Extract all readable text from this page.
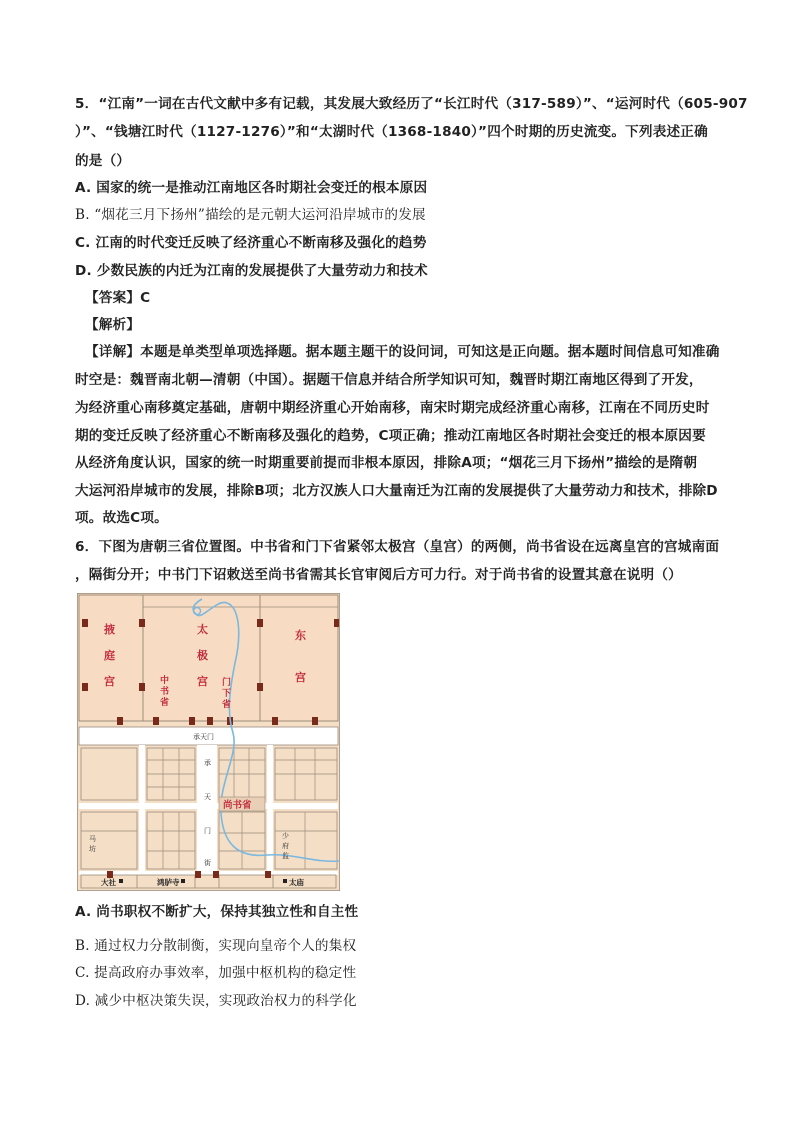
5．“江南”一词在古代文献中多有记载，其发展大致经历了“长江时代（317-589）”、“运河时代（605-907
）”、“钱塘江时代（1127-1276）”和“太湖时代（1368-1840）”四个时期的历史流变。下列表述正确
的是（）
A. 国家的统一是推动江南地区各时期社会变迁的根本原因
B. “烟花三月下扬州”描绘的是元朝大运河沿岸城市的发展
C. 江南的时代变迁反映了经济重心不断南移及强化的趋势
D. 少数民族的内迁为江南的发展提供了大量劳动力和技术
【答案】C
【解析】
【详解】本题是单类型单项选择题。据本题主题干的设问词，可知这是正向题。据本题时间信息可知准确
时空是：魏晋南北朝—清朝（中国）。据题干信息并结合所学知识可知，魏晋时期江南地区得到了开发，
为经济重心南移奠定基础，唐朝中期经济重心开始南移，南宋时期完成经济重心南移，江南在不同历史时
期的变迁反映了经济重心不断南移及强化的趋势，C项正确；推动江南地区各时期社会变迁的根本原因要
从经济角度认识，国家的统一时期重要前提而非根本原因，排除A项；“烟花三月下扬州”描绘的是隋朝
大运河沿岸城市的发展，排除B项；北方汉族人口大量南迁为江南的发展提供了大量劳动力和技术，排除D
项。故选C项。
6．下图为唐朝三省位置图。中书省和门下省紧邻太极宫（皇宫）的两侧，尚书省设在远离皇宫的宫城南面
，隔街分开；中书门下诏敕送至尚书省需其长官审阅后方可力行。对于尚书省的设置其意在说明（）
掖
庭
宫
太
极
宫
东
宫
中
书
省
门
下
省
承天门
承
天
门
街
尚书省
马
坊
少
府
监
大社	鸿胪寺	太庙
A. 尚书职权不断扩大，保持其独立性和自主性
B. 通过权力分散制衡，实现向皇帝个人的集权
C. 提高政府办事效率，加强中枢机构的稳定性
D. 减少中枢决策失误，实现政治权力的科学化
